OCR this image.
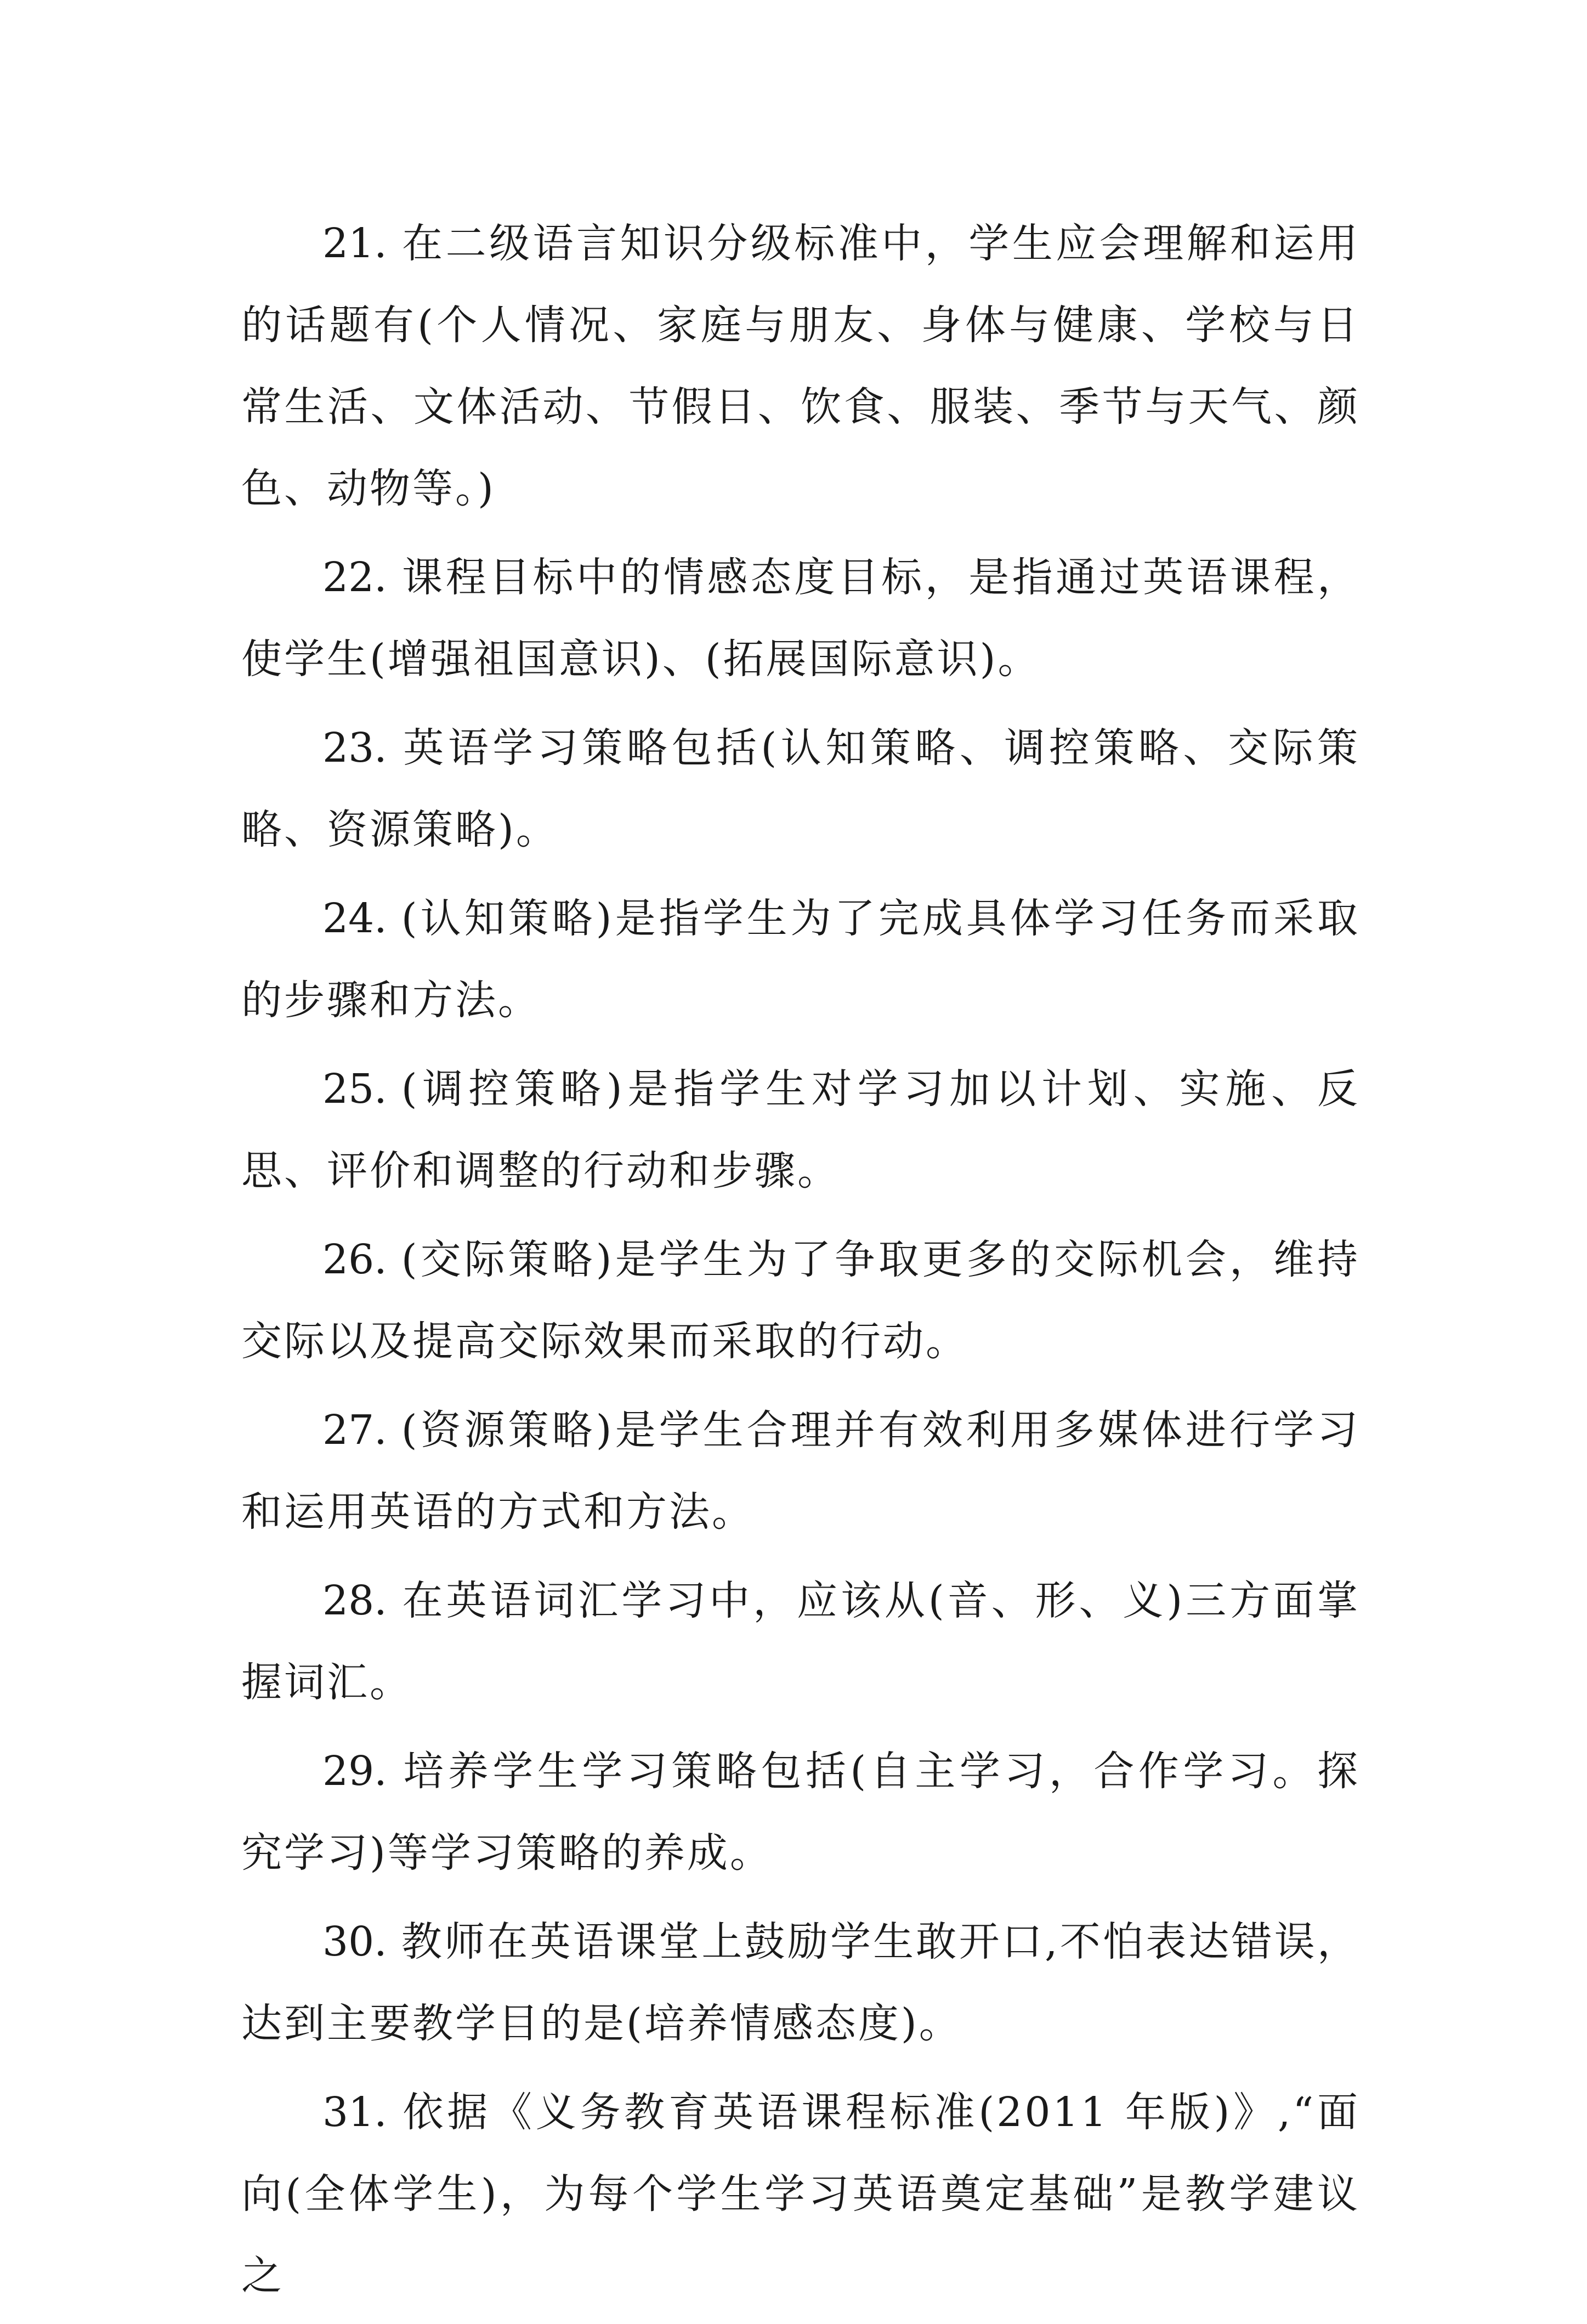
21. 在二级语言知识分级标准中，学生应会理解和运用的话题有(个人情况、家庭与朋友、身体与健康、学校与日常生活、文体活动、节假日、饮食、服装、季节与天气、颜色、动物等。)

22. 课程目标中的情感态度目标，是指通过英语课程，使学生(增强祖国意识)、(拓展国际意识)。

23. 英语学习策略包括(认知策略、调控策略、交际策略、资源策略)。

24. (认知策略)是指学生为了完成具体学习任务而采取的步骤和方法。

25. (调控策略)是指学生对学习加以计划、实施、反思、评价和调整的行动和步骤。

26. (交际策略)是学生为了争取更多的交际机会，维持交际以及提高交际效果而采取的行动。

27. (资源策略)是学生合理并有效利用多媒体进行学习和运用英语的方式和方法。

28. 在英语词汇学习中，应该从(音、形、义)三方面掌握词汇。

29. 培养学生学习策略包括(自主学习，合作学习。探究学习)等学习策略的养成。

30. 教师在英语课堂上鼓励学生敢开口,不怕表达错误，达到主要教学目的是(培养情感态度)。

31. 依据《义务教育英语课程标准(2011 年版)》,“面向(全体学生)，为每个学生学习英语奠定基础”是教学建议之
